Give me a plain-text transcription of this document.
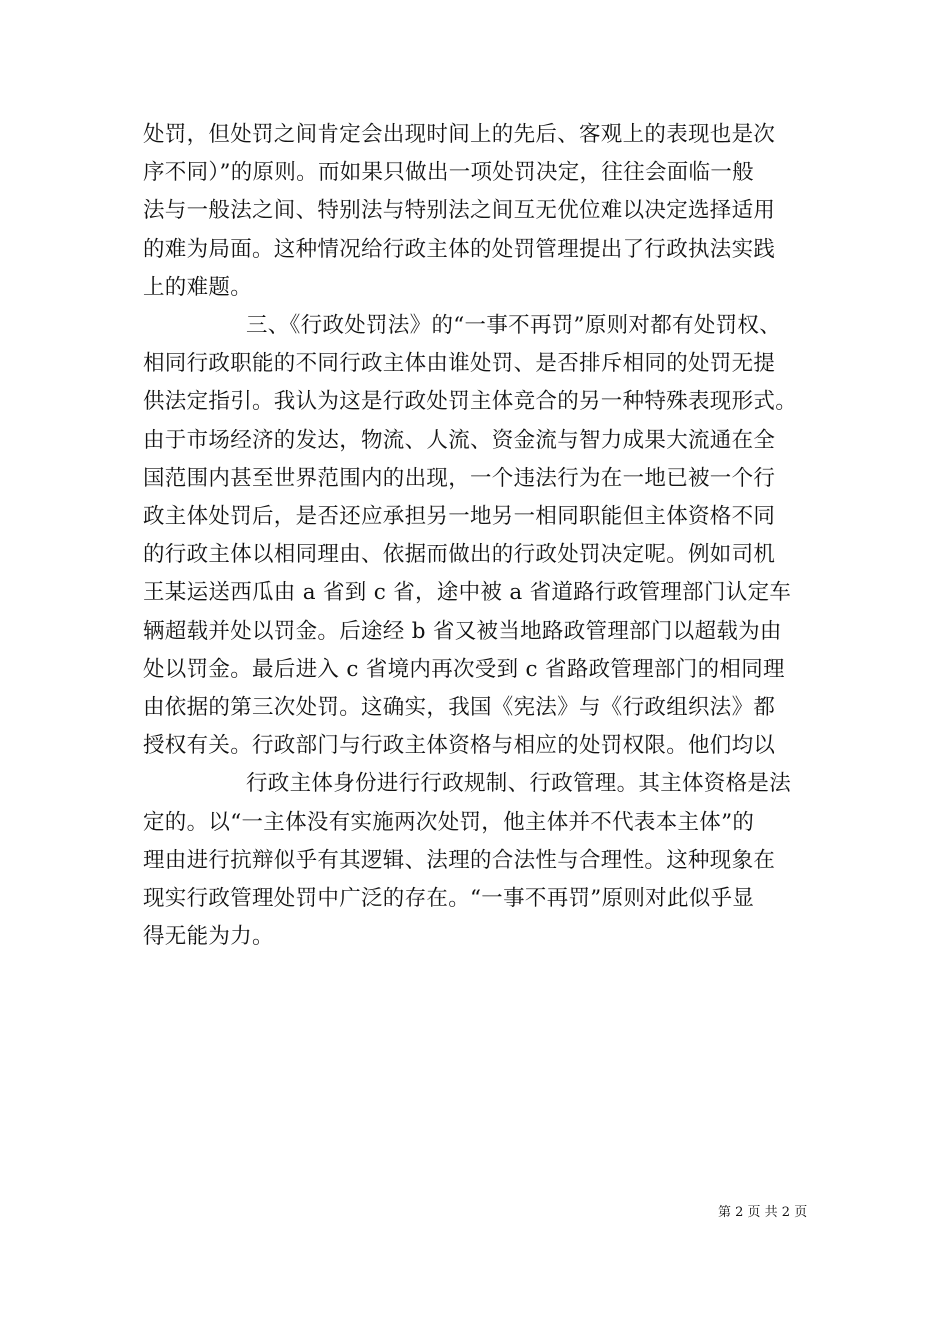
处罚，但处罚之间肯定会出现时间上的先后、客观上的表现也是次
序不同）”的原则。而如果只做出一项处罚决定，往往会面临一般
法与一般法之间、特别法与特别法之间互无优位难以决定选择适用
的难为局面。这种情况给行政主体的处罚管理提出了行政执法实践
上的难题。
三、《行政处罚法》的“一事不再罚”原则对都有处罚权、
相同行政职能的不同行政主体由谁处罚、是否排斥相同的处罚无提
供法定指引。我认为这是行政处罚主体竞合的另一种特殊表现形式。
由于市场经济的发达，物流、人流、资金流与智力成果大流通在全
国范围内甚至世界范围内的出现，一个违法行为在一地已被一个行
政主体处罚后，是否还应承担另一地另一相同职能但主体资格不同
的行政主体以相同理由、依据而做出的行政处罚决定呢。例如司机
王某运送西瓜由 a 省到 c 省，途中被 a 省道路行政管理部门认定车
辆超载并处以罚金。后途经 b 省又被当地路政管理部门以超载为由
处以罚金。最后进入 c 省境内再次受到 c 省路政管理部门的相同理
由依据的第三次处罚。这确实，我国《宪法》与《行政组织法》都
授权有关。行政部门与行政主体资格与相应的处罚权限。他们均以
行政主体身份进行行政规制、行政管理。其主体资格是法
定的。以“一主体没有实施两次处罚，他主体并不代表本主体”的
理由进行抗辩似乎有其逻辑、法理的合法性与合理性。这种现象在
现实行政管理处罚中广泛的存在。“一事不再罚”原则对此似乎显
得无能为力。
第 2 页 共 2 页
